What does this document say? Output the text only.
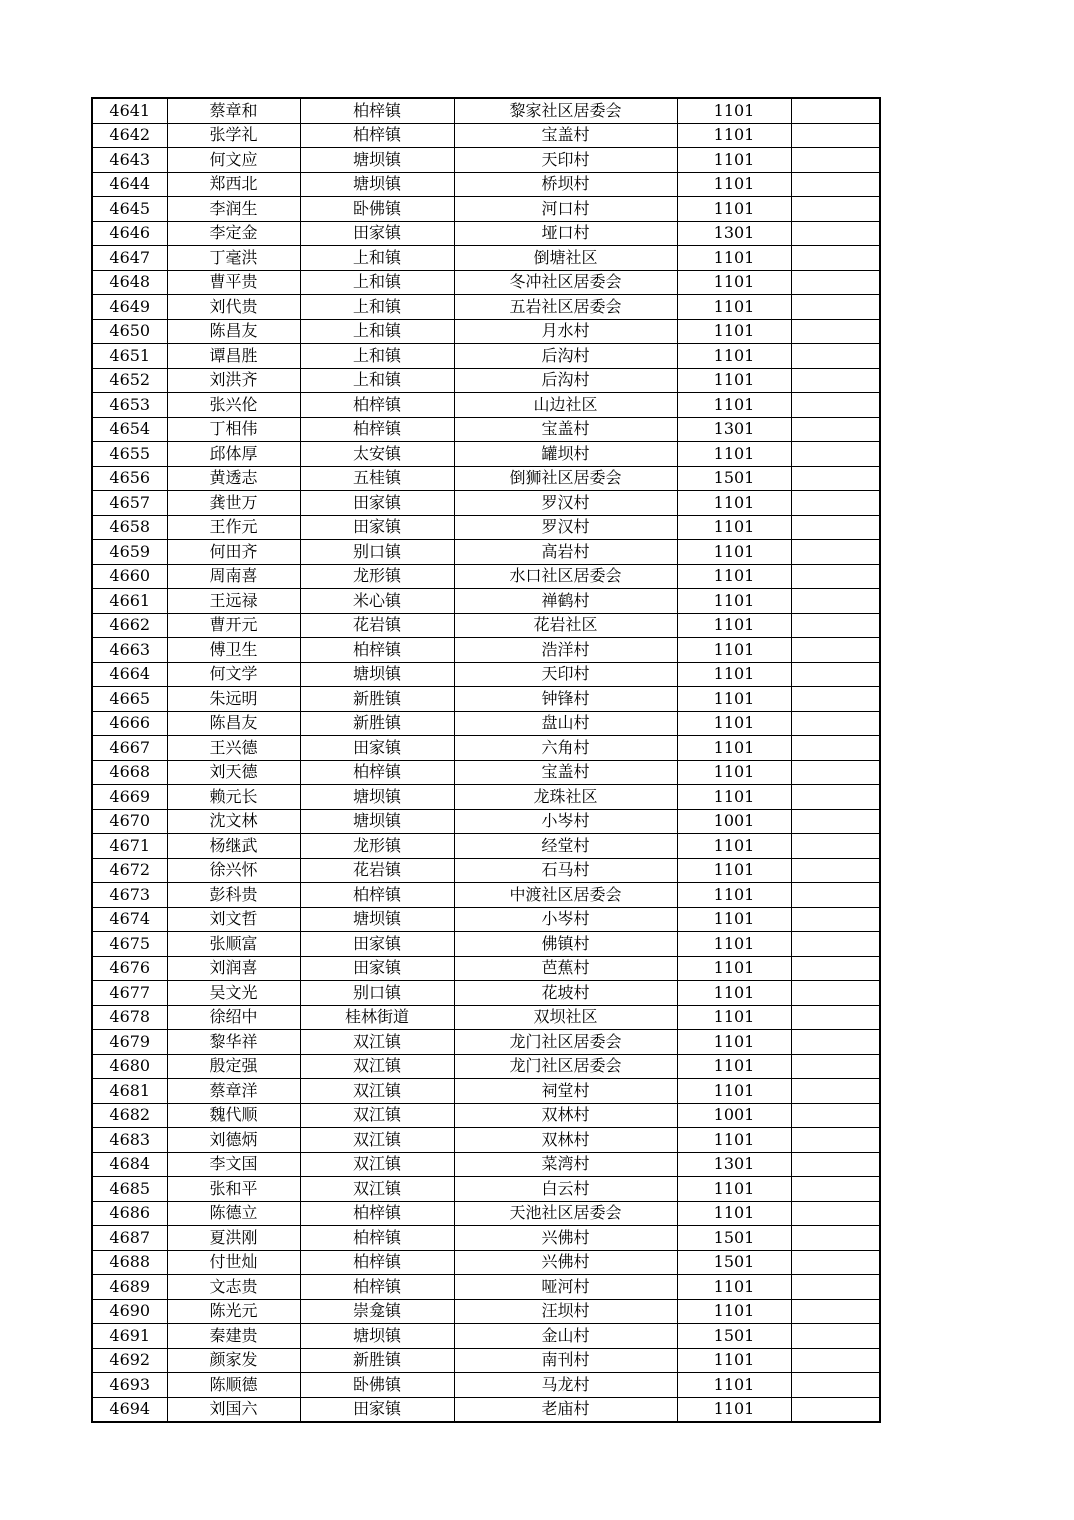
4641	蔡章和	柏梓镇	黎家社区居委会	1101	
4642	张学礼	柏梓镇	宝盖村	1101	
4643	何文应	塘坝镇	天印村	1101	
4644	郑西北	塘坝镇	桥坝村	1101	
4645	李润生	卧佛镇	河口村	1101	
4646	李定金	田家镇	垭口村	1301	
4647	丁毫洪	上和镇	倒塘社区	1101	
4648	曹平贵	上和镇	冬冲社区居委会	1101	
4649	刘代贵	上和镇	五岩社区居委会	1101	
4650	陈昌友	上和镇	月水村	1101	
4651	谭昌胜	上和镇	后沟村	1101	
4652	刘洪齐	上和镇	后沟村	1101	
4653	张兴伦	柏梓镇	山边社区	1101	
4654	丁相伟	柏梓镇	宝盖村	1301	
4655	邱体厚	太安镇	罐坝村	1101	
4656	黄透志	五桂镇	倒狮社区居委会	1501	
4657	龚世万	田家镇	罗汉村	1101	
4658	王作元	田家镇	罗汉村	1101	
4659	何田齐	别口镇	高岩村	1101	
4660	周南喜	龙形镇	水口社区居委会	1101	
4661	王远禄	米心镇	禅鹤村	1101	
4662	曹开元	花岩镇	花岩社区	1101	
4663	傅卫生	柏梓镇	浩洋村	1101	
4664	何文学	塘坝镇	天印村	1101	
4665	朱远明	新胜镇	钟锋村	1101	
4666	陈昌友	新胜镇	盘山村	1101	
4667	王兴德	田家镇	六角村	1101	
4668	刘天德	柏梓镇	宝盖村	1101	
4669	赖元长	塘坝镇	龙珠社区	1101	
4670	沈文林	塘坝镇	小岑村	1001	
4671	杨继武	龙形镇	经堂村	1101	
4672	徐兴怀	花岩镇	石马村	1101	
4673	彭科贵	柏梓镇	中渡社区居委会	1101	
4674	刘文哲	塘坝镇	小岑村	1101	
4675	张顺富	田家镇	佛镇村	1101	
4676	刘润喜	田家镇	芭蕉村	1101	
4677	吴文光	别口镇	花坡村	1101	
4678	徐绍中	桂林街道	双坝社区	1101	
4679	黎华祥	双江镇	龙门社区居委会	1101	
4680	殷定强	双江镇	龙门社区居委会	1101	
4681	蔡章洋	双江镇	祠堂村	1101	
4682	魏代顺	双江镇	双林村	1001	
4683	刘德炳	双江镇	双林村	1101	
4684	李文国	双江镇	菜湾村	1301	
4685	张和平	双江镇	白云村	1101	
4686	陈德立	柏梓镇	天池社区居委会	1101	
4687	夏洪刚	柏梓镇	兴佛村	1501	
4688	付世灿	柏梓镇	兴佛村	1501	
4689	文志贵	柏梓镇	哑河村	1101	
4690	陈光元	崇龛镇	汪坝村	1101	
4691	秦建贵	塘坝镇	金山村	1501	
4692	颜家发	新胜镇	南刊村	1101	
4693	陈顺德	卧佛镇	马龙村	1101	
4694	刘国六	田家镇	老庙村	1101	
